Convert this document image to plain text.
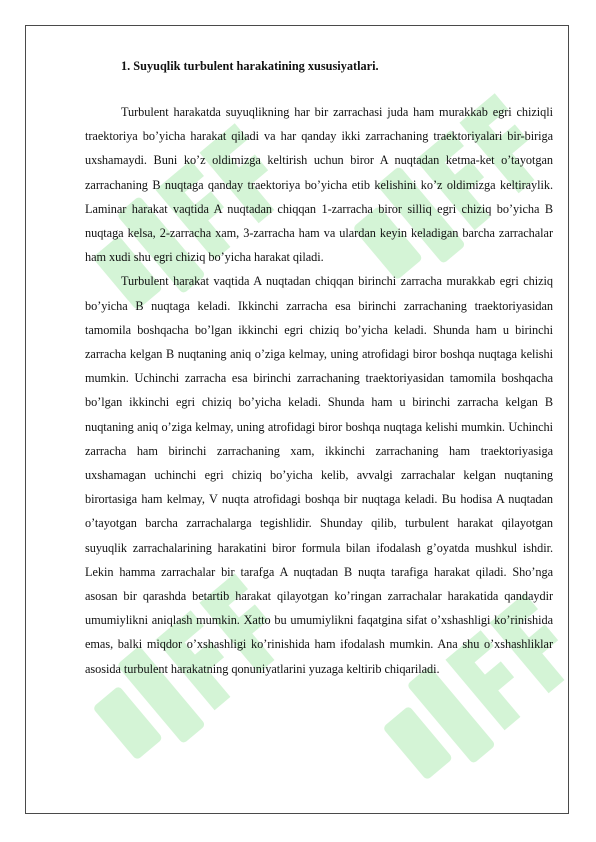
1. Suyuqlik turbulent harakatining xususiyatlari.

Turbulent harakatda suyuqlikning har bir zarrachasi juda ham murakkab egri chiziqli traektoriya bo’yicha harakat qiladi va har qanday ikki zarrachaning traektoriyalari bir-biriga uxshamaydi. Buni ko’z oldimizga keltirish uchun biror A nuqtadan ketma-ket o’tayotgan zarrachaning B nuqtaga qanday traektoriya bo’yicha etib kelishini ko’z oldimizga keltiraylik. Laminar harakat vaqtida A nuqtadan chiqqan 1-zarracha biror silliq egri chiziq bo’yicha B nuqtaga kelsa, 2-zarracha xam, 3-zarracha ham va ulardan keyin keladigan barcha zarrachalar ham xudi shu egri chiziq bo’yicha harakat qiladi.

Turbulent harakat vaqtida A nuqtadan chiqqan birinchi zarracha murakkab egri chiziq bo’yicha B nuqtaga keladi. Ikkinchi zarracha esa birinchi zarrachaning traektoriyasidan tamomila boshqacha bo’lgan ikkinchi egri chiziq bo’yicha keladi. Shunda ham u birinchi zarracha kelgan B nuqtaning aniq o’ziga kelmay, uning atrofidagi biror boshqa nuqtaga kelishi mumkin. Uchinchi zarracha esa birinchi zarrachaning traektoriyasidan tamomila boshqacha bo’lgan ikkinchi egri chiziq bo’yicha keladi. Shunda ham u birinchi zarracha kelgan B nuqtaning aniq o’ziga kelmay, uning atrofidagi biror boshqa nuqtaga kelishi mumkin. Uchinchi zarracha ham birinchi zarrachaning xam, ikkinchi zarrachaning ham traektoriyasiga uxshamagan uchinchi egri chiziq bo’yicha kelib, avvalgi zarrachalar kelgan nuqtaning birortasiga ham kelmay, V nuqta atrofidagi boshqa bir nuqtaga keladi. Bu hodisa A nuqtadan o’tayotgan barcha zarrachalarga tegishlidir. Shunday qilib, turbulent harakat qilayotgan suyuqlik zarrachalarining harakatini biror formula bilan ifodalash g’oyatda mushkul ishdir. Lekin hamma zarrachalar bir tarafga A nuqtadan B nuqta tarafiga harakat qiladi. Sho’nga asosan bir qarashda betartib harakat qilayotgan ko’ringan zarrachalar harakatida qandaydir umumiylikni aniqlash mumkin. Xatto bu umumiylikni faqatgina sifat o’xshashligi ko’rinishida emas, balki miqdor o’xshashligi ko’rinishida ham ifodalash mumkin. Ana shu o’xshashliklar asosida turbulent harakatning qonuniyatlarini yuzaga keltirib chiqariladi.
